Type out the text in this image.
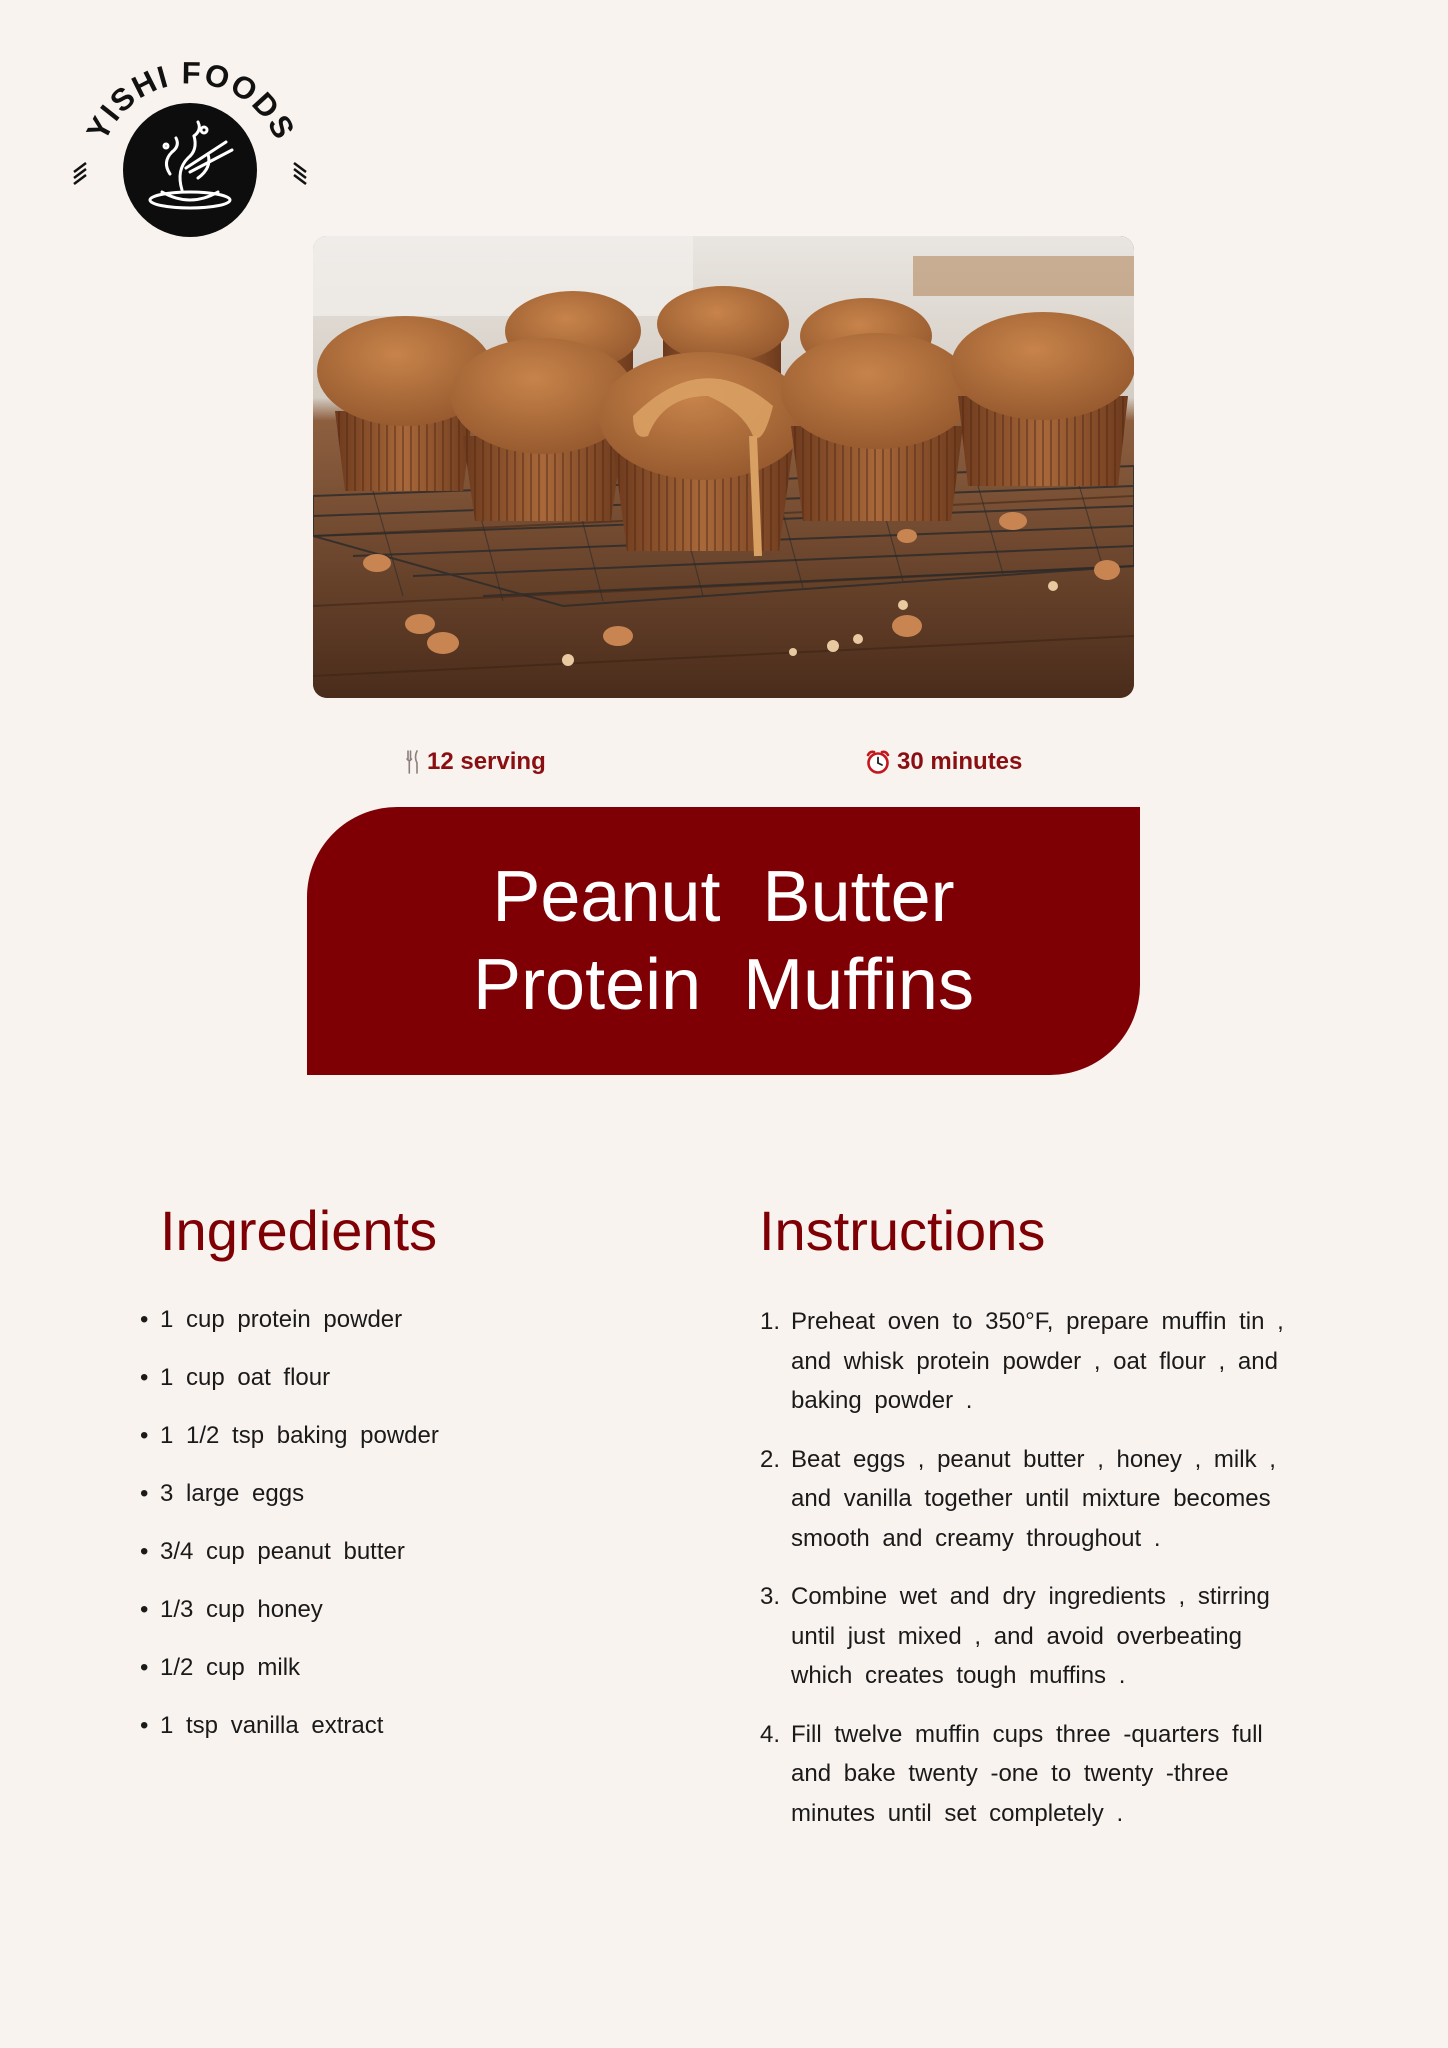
YISHI FOODS
12 serving	30 minutes
Peanut Butter
Protein Muffins
Ingredients
• 1 cup protein powder
• 1 cup oat flour
• 1 1/2 tsp baking powder
• 3 large eggs
• 3/4 cup peanut butter
• 1/3 cup honey
• 1/2 cup milk
• 1 tsp vanilla extract
Instructions
1. Preheat oven to 350°F, prepare muffin tin , and whisk protein powder , oat flour , and baking powder .
2. Beat eggs , peanut butter , honey , milk , and vanilla together until mixture becomes smooth and creamy throughout .
3. Combine wet and dry ingredients , stirring until just mixed , and avoid overbeating which creates tough muffins .
4. Fill twelve muffin cups three -quarters full and bake twenty -one to twenty -three minutes until set completely .
